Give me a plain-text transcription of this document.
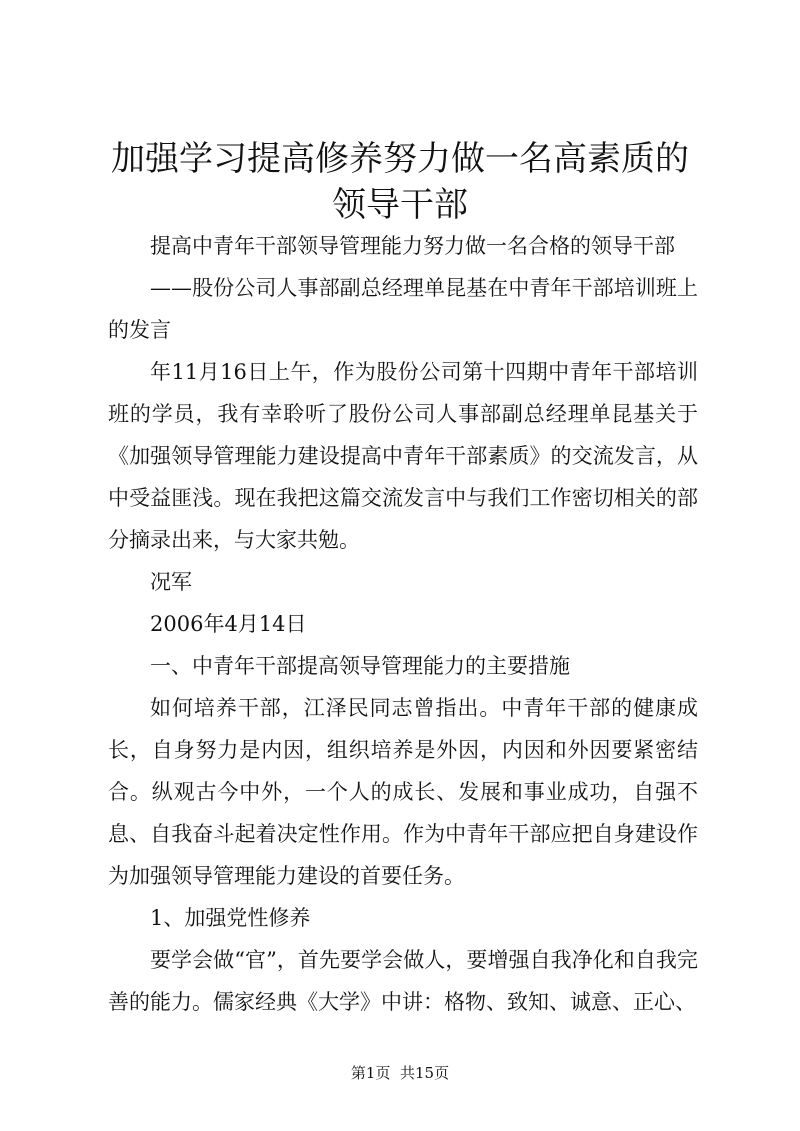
加强学习提高修养努力做一名高素质的领导干部

提高中青年干部领导管理能力努力做一名合格的领导干部

——股份公司人事部副总经理单昆基在中青年干部培训班上的发言

年11月16日上午，作为股份公司第十四期中青年干部培训班的学员，我有幸聆听了股份公司人事部副总经理单昆基关于《加强领导管理能力建设提高中青年干部素质》的交流发言，从中受益匪浅。现在我把这篇交流发言中与我们工作密切相关的部分摘录出来，与大家共勉。

况军

2006年4月14日

一、中青年干部提高领导管理能力的主要措施

如何培养干部，江泽民同志曾指出。中青年干部的健康成长，自身努力是内因，组织培养是外因，内因和外因要紧密结合。纵观古今中外，一个人的成长、发展和事业成功，自强不息、自我奋斗起着决定性作用。作为中青年干部应把自身建设作为加强领导管理能力建设的首要任务。

1、加强党性修养

要学会做“官”，首先要学会做人，要增强自我净化和自我完善的能力。儒家经典《大学》中讲：格物、致知、诚意、正心、

第1页  共15页
